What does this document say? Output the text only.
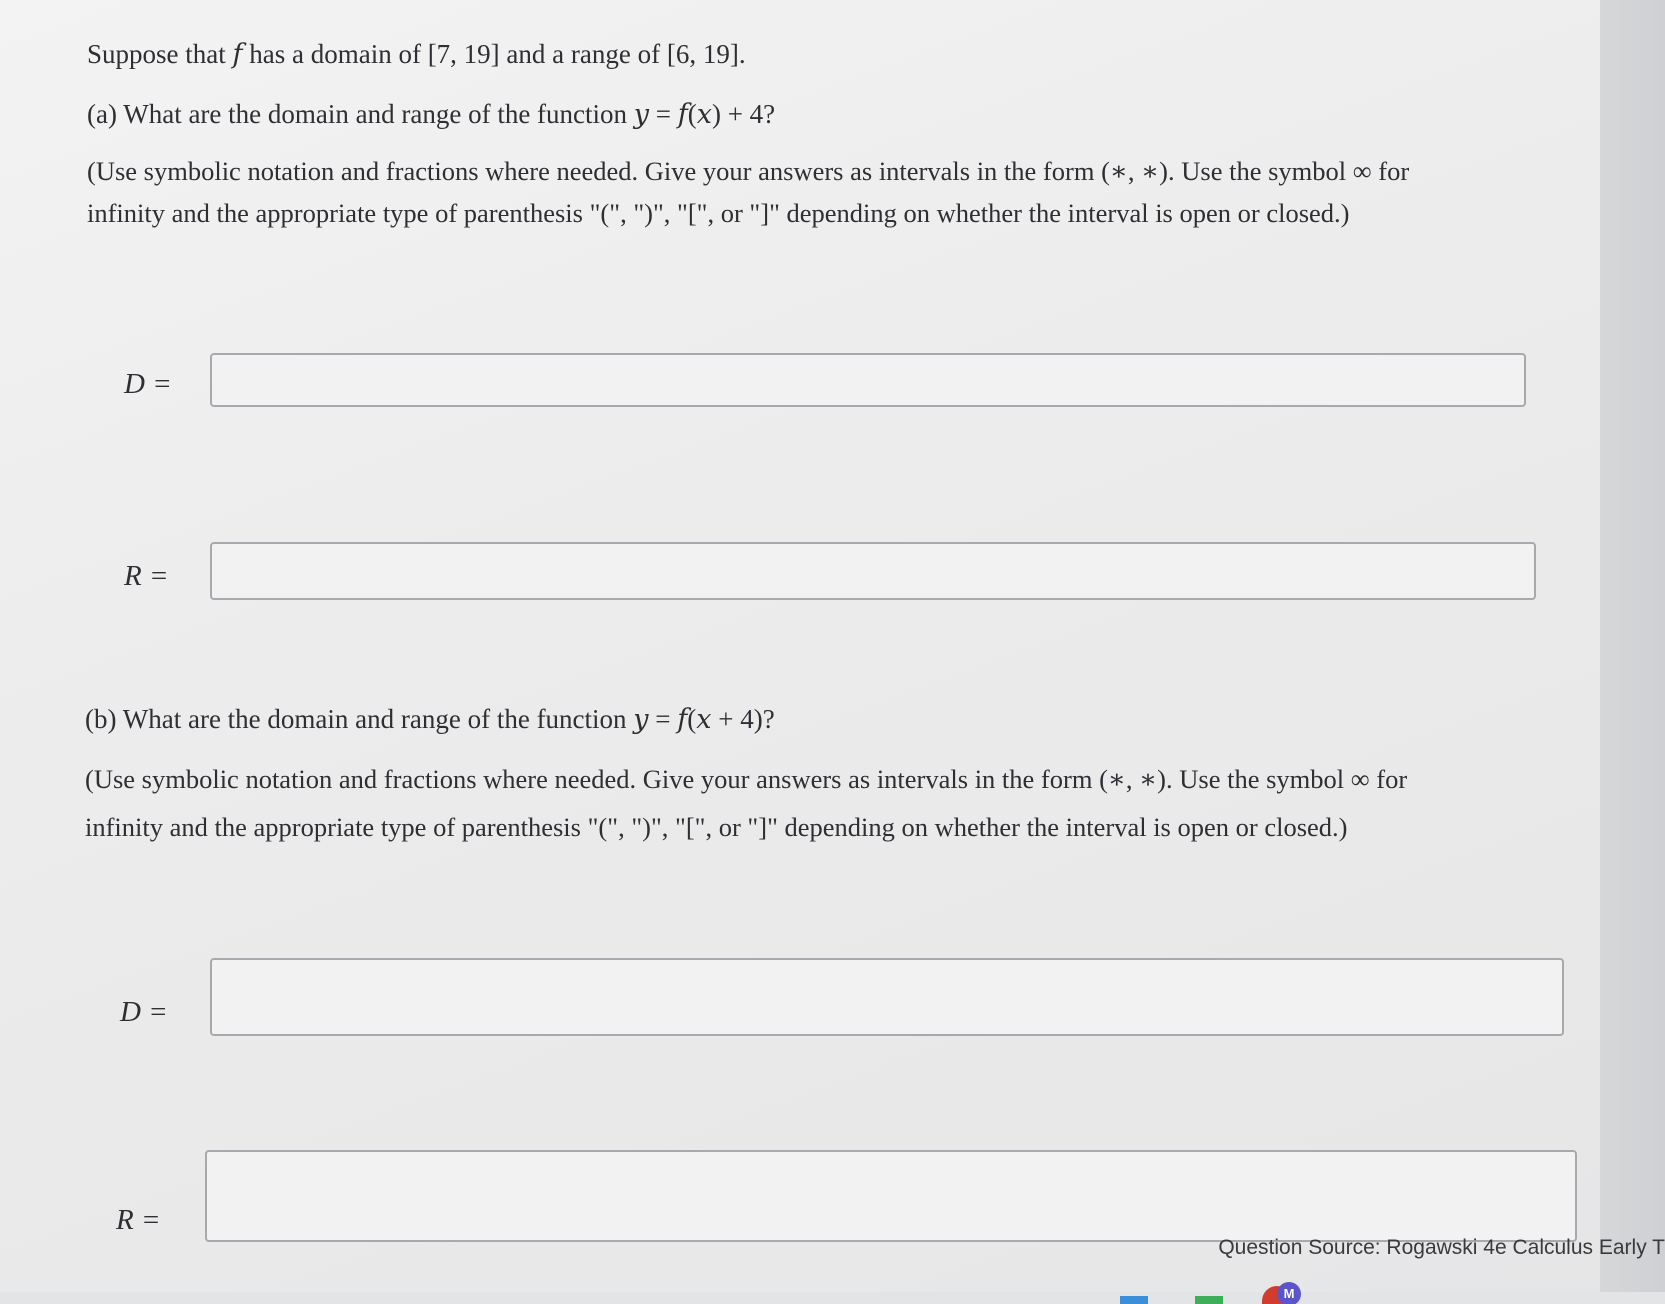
Suppose that 𝑓 has a domain of [7, 19] and a range of [6, 19].
(a) What are the domain and range of the function 𝑦 = 𝑓(𝑥) + 4?
(Use symbolic notation and fractions where needed. Give your answers as intervals in the form (∗, ∗). Use the symbol ∞ for
infinity and the appropriate type of parenthesis "(", ")", "[", or "]" depending on whether the interval is open or closed.)
D =
R =
(b) What are the domain and range of the function 𝑦 = 𝑓(𝑥 + 4)?
(Use symbolic notation and fractions where needed. Give your answers as intervals in the form (∗, ∗). Use the symbol ∞ for
infinity and the appropriate type of parenthesis "(", ")", "[", or "]" depending on whether the interval is open or closed.)
D =
R =
Question Source: Rogawski 4e Calculus Early T
M
